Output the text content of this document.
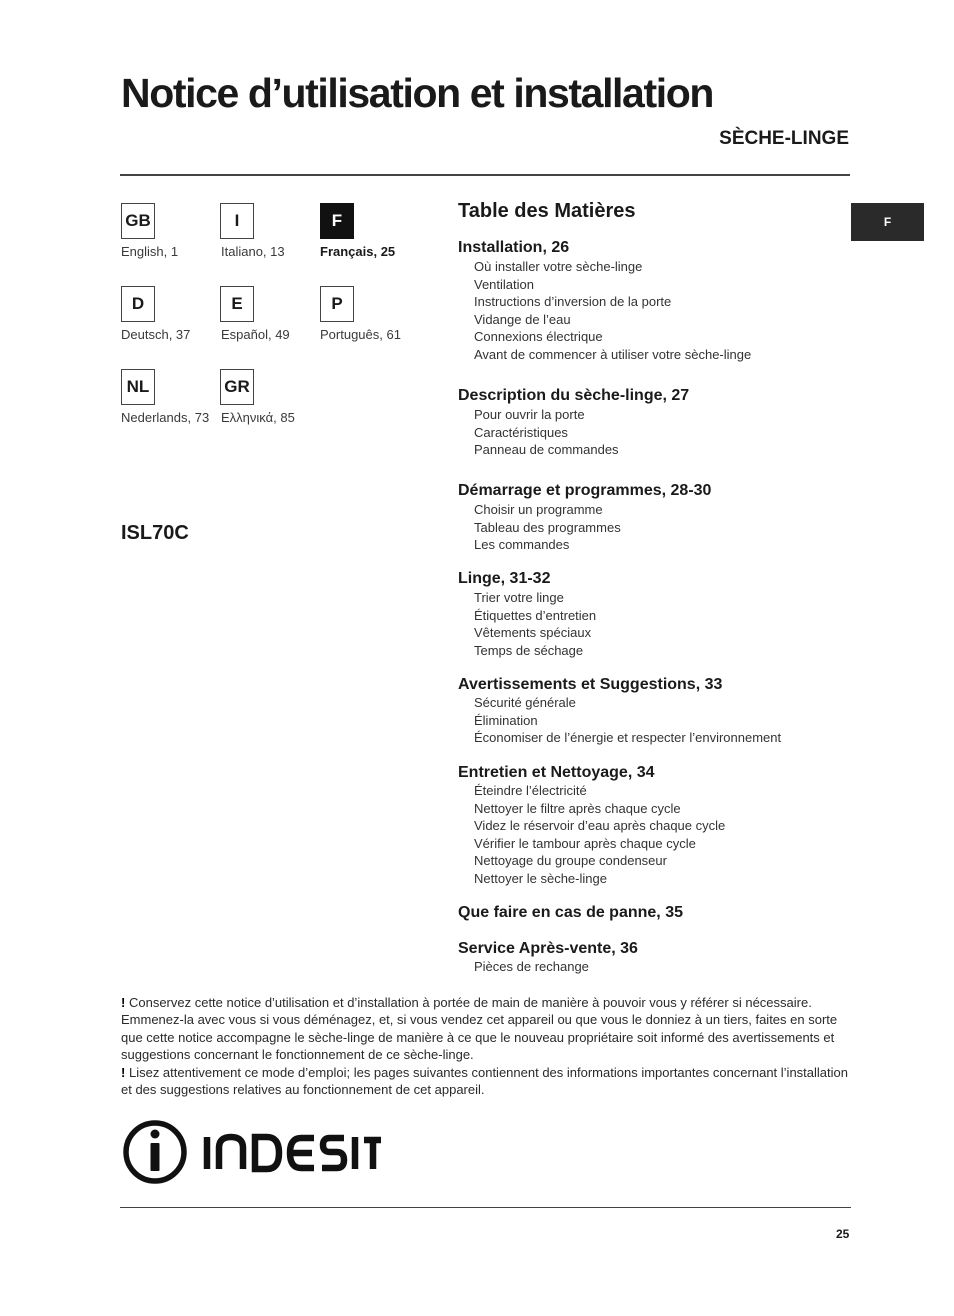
Notice d’utilisation et installation
SÈCHE-LINGE
F
GB
English, 1
I
Italiano, 13
F
Français, 25
D
Deutsch, 37
E
Español, 49
P
Português, 61
NL
Nederlands, 73
GR
Ελληνικά, 85
ISL70C
Table des Matières
Installation, 26
Où installer votre sèche-linge
Ventilation
Instructions d’inversion de la porte
Vidange de l’eau
Connexions électrique
Avant de commencer à utiliser votre sèche-linge
Description du sèche-linge, 27
Pour ouvrir la porte
Caractéristiques
Panneau de commandes
Démarrage et programmes, 28-30
Choisir un programme
Tableau des programmes
Les commandes
Linge, 31-32
Trier votre linge
Étiquettes d’entretien
Vêtements spéciaux
Temps de séchage
Avertissements et Suggestions, 33
Sécurité générale
Élimination
Économiser de l’énergie et respecter l’environnement
Entretien et Nettoyage, 34
Éteindre l’électricité
Nettoyer le filtre après chaque cycle
Videz le réservoir d’eau après chaque cycle
Vérifier le tambour après chaque cycle
Nettoyage du groupe condenseur
Nettoyer le sèche-linge
Que faire en cas de panne, 35
Service Après-vente, 36
Pièces de rechange

! Conservez cette notice d’utilisation et d’installation à portée de main de manière à pouvoir vous y référer si nécessaire. Emmenez-la avec vous si vous déménagez, et, si vous vendez cet appareil ou que vous le donniez à un tiers, faites en sorte que cette notice accompagne le sèche-linge de manière à ce que le nouveau propriétaire soit informé des avertissements et suggestions concernant le fonctionnement de ce sèche-linge.

! Lisez attentivement ce mode d’emploi; les pages suivantes contiennent des informations importantes concernant l’installation et des suggestions relatives au fonctionnement de cet appareil.

25
